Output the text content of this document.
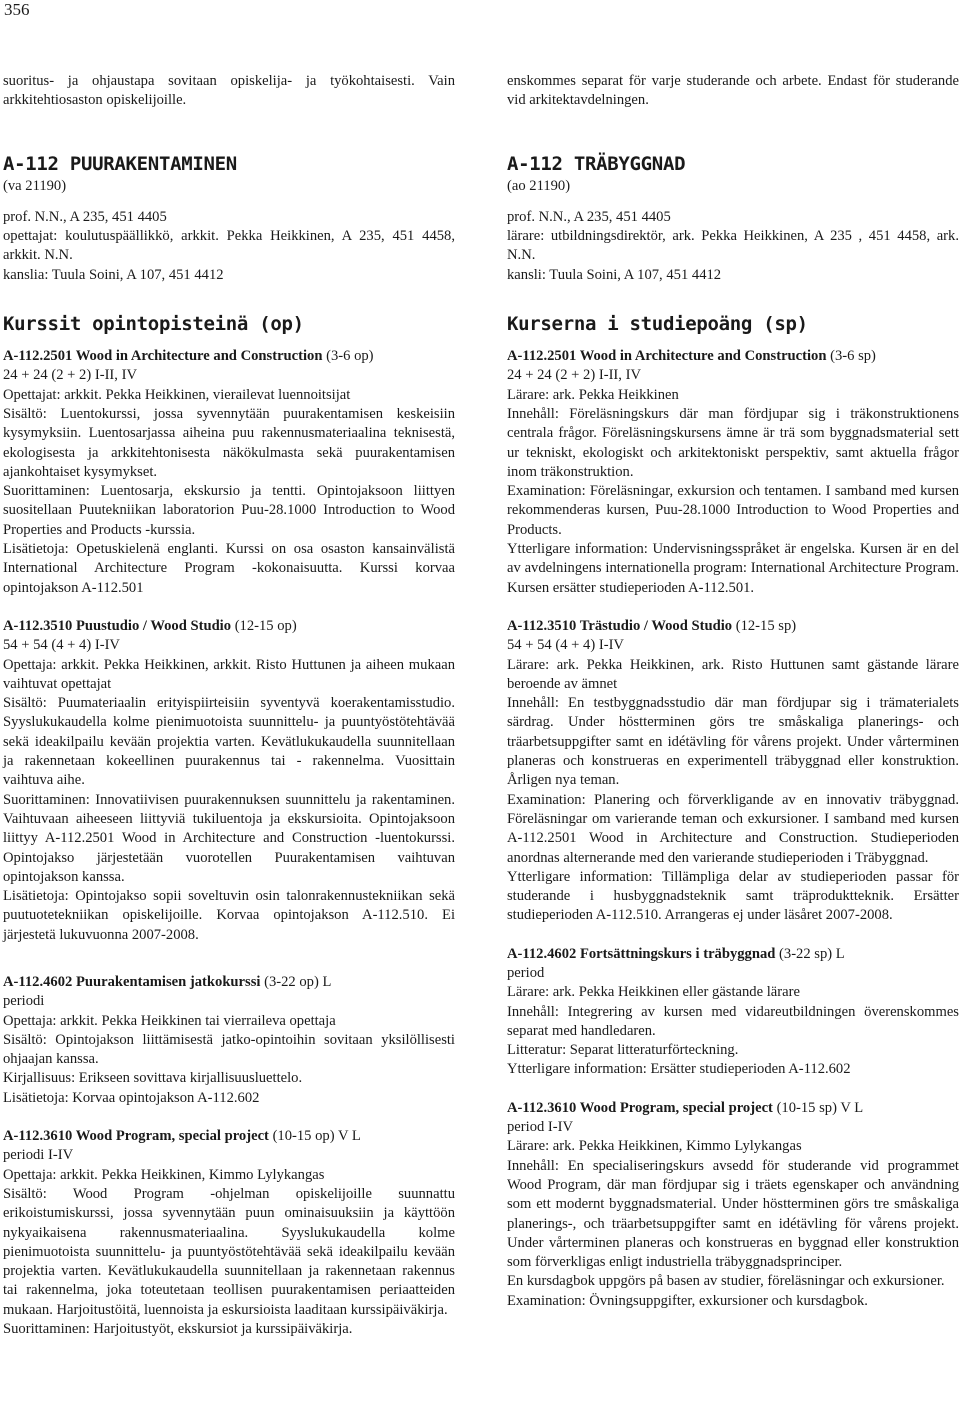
356

suoritus- ja ohjaustapa sovitaan opiskelija- ja työkohtaisesti. Vain arkkitehtiosaston opiskelijoille.

A-112 PUURAKENTAMINEN

(va 21190)

prof. N.N., A 235, 451 4405

opettajat: koulutuspäällikkö, arkkit. Pekka Heikkinen, A 235, 451 4458, arkkit. N.N.

kanslia: Tuula Soini, A 107, 451 4412

Kurssit opintopisteinä (op)

A-112.2501 Wood in Architecture and Construction (3-6 op)

24 + 24 (2 + 2) I-II, IV

Opettajat: arkkit. Pekka Heikkinen, vierailevat luennoitsijat

Sisältö: Luentokurssi, jossa syvennytään puurakentamisen keskeisiin kysymyksiin. Luentosarjassa aiheina puu rakennusmateriaalina teknisestä, ekologisesta ja arkkitehtonisesta näkökulmasta sekä puurakentamisen ajankohtaiset kysymykset.

Suorittaminen: Luentosarja, ekskursio ja tentti. Opintojaksoon liittyen suositellaan Puutekniikan laboratorion Puu-28.1000 Introduction to Wood Properties and Products -kurssia.

Lisätietoja: Opetuskielenä englanti. Kurssi on osa osaston kansainvälistä International Architecture Program -kokonaisuutta. Kurssi korvaa opintojakson A-112.501

A-112.3510 Puustudio / Wood Studio (12-15 op)

54 + 54 (4 + 4) I-IV

Opettaja: arkkit. Pekka Heikkinen, arkkit. Risto Huttunen ja aiheen mukaan vaihtuvat opettajat

Sisältö: Puumateriaalin erityispiirteisiin syventyvä koerakentamisstudio. Syyslukukaudella kolme pienimuotoista suunnittelu- ja puuntyöstötehtävää sekä ideakilpailu kevään projektia varten. Kevätlukukaudella suunnitellaan ja rakennetaan kokeellinen puurakennus tai - rakennelma. Vuosittain vaihtuva aihe.

Suorittaminen: Innovatiivisen puurakennuksen suunnittelu ja rakentaminen. Vaihtuvaan aiheeseen liittyviä tukiluentoja ja ekskursioita. Opintojaksoon liittyy A-112.2501 Wood in Architecture and Construction -luentokurssi. Opintojakso järjestetään vuorotellen Puurakentamisen vaihtuvan opintojakson kanssa.

Lisätietoja: Opintojakso sopii soveltuvin osin talonrakennustekniikan sekä puutuotetekniikan opiskelijoille. Korvaa opintojakson A-112.510. Ei järjestetä lukuvuonna 2007-2008.

A-112.4602 Puurakentamisen jatkokurssi (3-22 op) L

periodi

Opettaja: arkkit. Pekka Heikkinen tai vierraileva opettaja

Sisältö: Opintojakson liittämisestä jatko-opintoihin sovitaan yksilöllisesti ohjaajan kanssa.

Kirjallisuus: Erikseen sovittava kirjallisuusluettelo.

Lisätietoja: Korvaa opintojakson A-112.602

A-112.3610 Wood Program, special project (10-15 op) V L

periodi I-IV

Opettaja: arkkit. Pekka Heikkinen, Kimmo Lylykangas

Sisältö: Wood Program -ohjelman opiskelijoille suunnattu erikoistumiskurssi, jossa syvennytään puun ominaisuuksiin ja käyttöön nykyaikaisena rakennusmateriaalina. Syyslukukaudella kolme pienimuotoista suunnittelu- ja puuntyöstötehtävää sekä ideakilpailu kevään projektia varten. Kevätlukukaudella suunnitellaan ja rakennetaan rakennus tai rakennelma, joka toteutetaan teollisen puurakentamisen periaatteiden mukaan. Harjoitustöitä, luennoista ja eskursioista laaditaan kurssipäiväkirja.

Suorittaminen: Harjoitustyöt, ekskursiot ja kurssipäiväkirja.

enskommes separat för varje studerande och arbete. Endast för studerande vid arkitektavdelningen.

A-112 TRÄBYGGNAD

(ao 21190)

prof. N.N., A 235, 451 4405

lärare: utbildningsdirektör, ark. Pekka Heikkinen, A 235 , 451 4458, ark. N.N.

kansli: Tuula Soini, A 107, 451 4412

Kurserna i studiepoäng (sp)

A-112.2501 Wood in Architecture and Construction (3-6 sp)

24 + 24 (2 + 2) I-II, IV

Lärare: ark. Pekka Heikkinen

Innehåll: Föreläsningskurs där man fördjupar sig i träkonstruktionens centrala frågor. Föreläsningskursens ämne är trä som byggnadsmaterial sett ur tekniskt, ekologiskt och arkitektoniskt perspektiv, samt aktuella frågor inom träkonstruktion.

Examination: Föreläsningar, exkursion och tentamen. I samband med kursen rekommenderas kursen, Puu-28.1000 Introduction to Wood Properties and Products.

Ytterligare information: Undervisningsspråket är engelska. Kursen är en del av avdelningens internationella program: International Architecture Program. Kursen ersätter studieperioden A-112.501.

A-112.3510 Trästudio / Wood Studio (12-15 sp)

54 + 54 (4 + 4) I-IV

Lärare: ark. Pekka Heikkinen, ark. Risto Huttunen samt gästande lärare beroende av ämnet

Innehåll: En testbyggnadsstudio där man fördjupar sig i trämaterialets särdrag. Under höstterminen görs tre småskaliga planerings- och träarbetsuppgifter samt en idétävling för vårens projekt. Under vårterminen planeras och konstrueras en experimentell träbyggnad eller konstruktion. Årligen nya teman.

Examination: Planering och förverkligande av en innovativ träbyggnad. Föreläsningar om varierande teman och exkursioner. I samband med kursen A-112.2501 Wood in Architecture and Construction. Studieperioden anordnas alternerande med den varierande studieperioden i Träbyggnad.

Ytterligare information: Tillämpliga delar av studieperioden passar för studerande i husbyggnadsteknik samt träproduktteknik. Ersätter studieperioden A-112.510. Arrangeras ej under läsåret 2007-2008.

A-112.4602 Fortsättningskurs i träbyggnad (3-22 sp) L

period

Lärare: ark. Pekka Heikkinen eller gästande lärare

Innehåll: Integrering av kursen med vidareutbildningen överenskommes separat med handledaren.

Litteratur: Separat litteraturförteckning.

Ytterligare information: Ersätter studieperioden A-112.602

A-112.3610 Wood Program, special project (10-15 sp) V L

period I-IV

Lärare: ark. Pekka Heikkinen, Kimmo Lylykangas

Innehåll: En specialiseringskurs avsedd för studerande vid programmet Wood Program, där man fördjupar sig i träets egenskaper och användning som ett modernt byggnadsmaterial. Under höstterminen görs tre småskaliga planerings-, och träarbetsuppgifter samt en idétävling för vårens projekt. Under vårterminen planeras och konstrueras en byggnad eller konstruktion som förverkligas enligt industriella träbyggnadsprinciper.

En kursdagbok uppgörs på basen av studier, föreläsningar och exkursioner.

Examination: Övningsuppgifter, exkursioner och kursdagbok.
